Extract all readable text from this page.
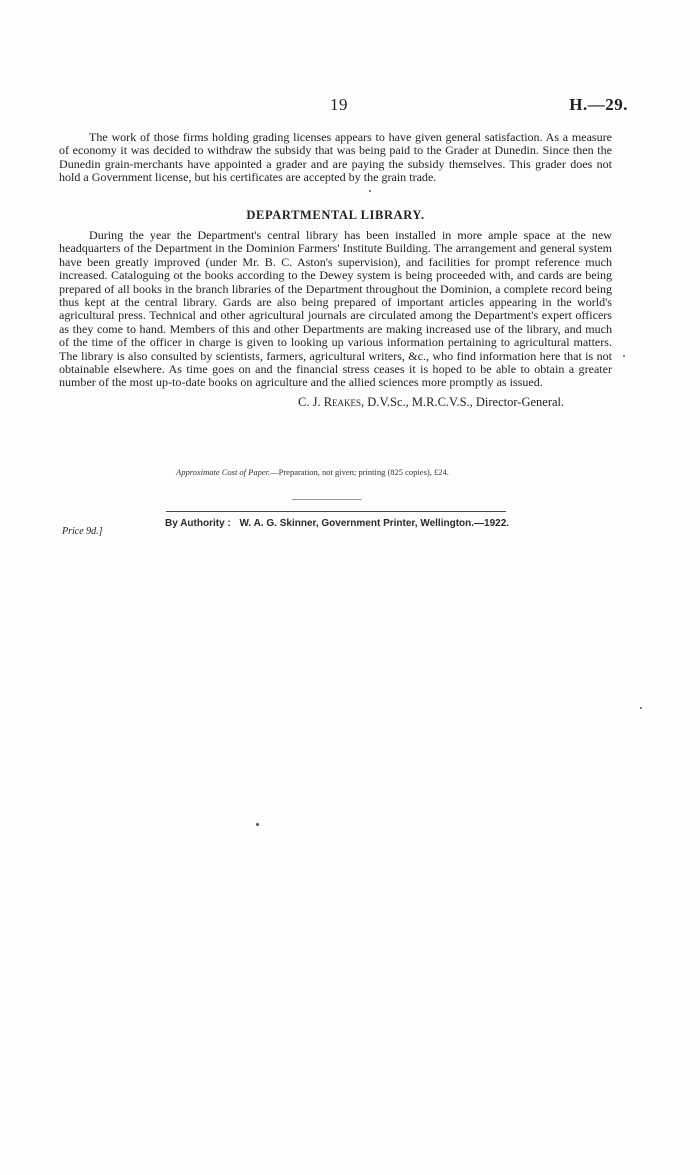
19	H.—29.

The work of those firms holding grading licenses appears to have given general satisfaction. As a measure of economy it was decided to withdraw the subsidy that was being paid to the Grader at Dunedin. Since then the Dunedin grain-merchants have appointed a grader and are paying the subsidy themselves. This grader does not hold a Government license, but his certificates are accepted by the grain trade.

DEPARTMENTAL LIBRARY.

During the year the Department's central library has been installed in more ample space at the new headquarters of the Department in the Dominion Farmers' Institute Building. The arrangement and general system have been greatly improved (under Mr. B. C. Aston's supervision), and facilities for prompt reference much increased. Cataloguing ot the books according to the Dewey system is being proceeded with, and cards are being prepared of all books in the branch libraries of the Department throughout the Dominion, a complete record being thus kept at the central library. Gards are also being prepared of important articles appearing in the world's agricultural press. Technical and other agricultural journals are circulated among the Department's expert officers as they come to hand. Members of this and other Departments are making increased use of the library, and much of the time of the officer in charge is given to looking up various information pertaining to agricultural matters. The library is also consulted by scientists, farmers, agricultural writers, &c., who find information here that is not obtainable elsewhere. As time goes on and the financial stress ceases it is hoped to be able to obtain a greater number of the most up-to-date books on agriculture and the allied sciences more promptly as issued.

C. J. Reakes, D.V.Sc., M.R.C.V.S., Director-General.
Approximate Cost of Paper.—Preparation, not given; printing (825 copies), £24.
Price 9d.]
By Authority : W. A. G. Skinner, Government Printer, Wellington.—1922.
